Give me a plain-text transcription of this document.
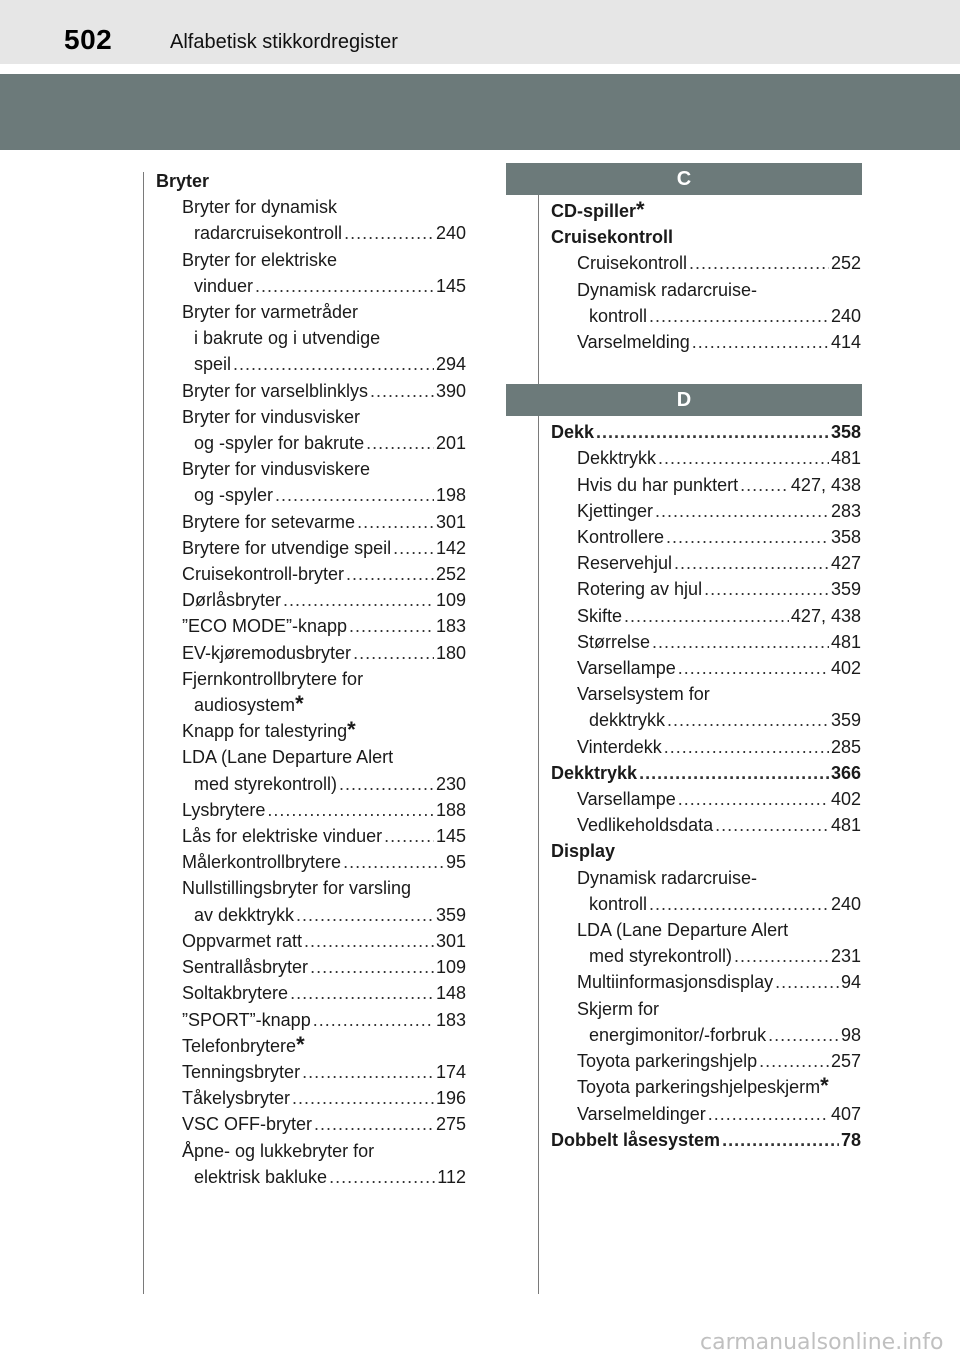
502	Alfabetisk stikkordregister
Bryter
Bryter for dynamisk
radarcruisekontroll .....	240
Bryter for elektriske
vinduer .....	145
Bryter for varmetråder
i bakrute og i utvendige
speil .....	294
Bryter for varselblinklys .....	390
Bryter for vindusvisker
og -spyler for bakrute .....	201
Bryter for vindusviskere
og -spyler .....	198
Brytere for setevarme .....	301
Brytere for utvendige speil ..... 142
Cruisekontroll-bryter .....	252
Dørlåsbryter .....	109
”ECO MODE”-knapp .....	183
EV-kjøremodusbryter .....	180
Fjernkontrollbrytere for
audiosystem *
Knapp for talestyring *
LDA (Lane Departure Alert
med styrekontroll) .....	230
Lysbrytere .....	188
Lås for elektriske vinduer .....	145
Målerkontrollbrytere .....	95
Nullstillingsbryter for varsling
av dekktrykk .....	359
Oppvarmet ratt .....	301
Sentrallåsbryter .....	109
Soltakbrytere .....	148
”SPORT”-knapp .....	183
Telefonbrytere *
Tenningsbryter .....	174
Tåkelysbryter .....	196
VSC OFF-bryter .....	275
Åpne- og lukkebryter for
elektrisk bakluke .....	112
C
D
CD-spiller *
Cruisekontroll
Cruisekontroll .....	252
Dynamisk radarcruise-
kontroll .....	240
Varselmelding .....	414
Dekk .....	358
Dekktrykk .....	481
Hvis du har punktert .....	427, 438
Kjettinger .....	283
Kontrollere .....	358
Reservehjul .....	427
Rotering av hjul .....	359
Skifte .....	427, 438
Størrelse .....	481
Varsellampe .....	402
Varselsystem for
dekktrykk .....	359
Vinterdekk .....	285
Dekktrykk .....	366
Varsellampe .....	402
Vedlikeholdsdata .....	481
Display
Dynamisk radarcruise-
kontroll .....	240
LDA (Lane Departure Alert
med styrekontroll) .....	231
Multiinformasjonsdisplay .....	94
Skjerm for
energimonitor/-forbruk .....	98
Toyota parkeringshjelp .....	257
Toyota parkeringshjelpeskjerm *
Varselmeldinger .....	407
Dobbelt låsesystem .....	78
carmanualsonline.info
